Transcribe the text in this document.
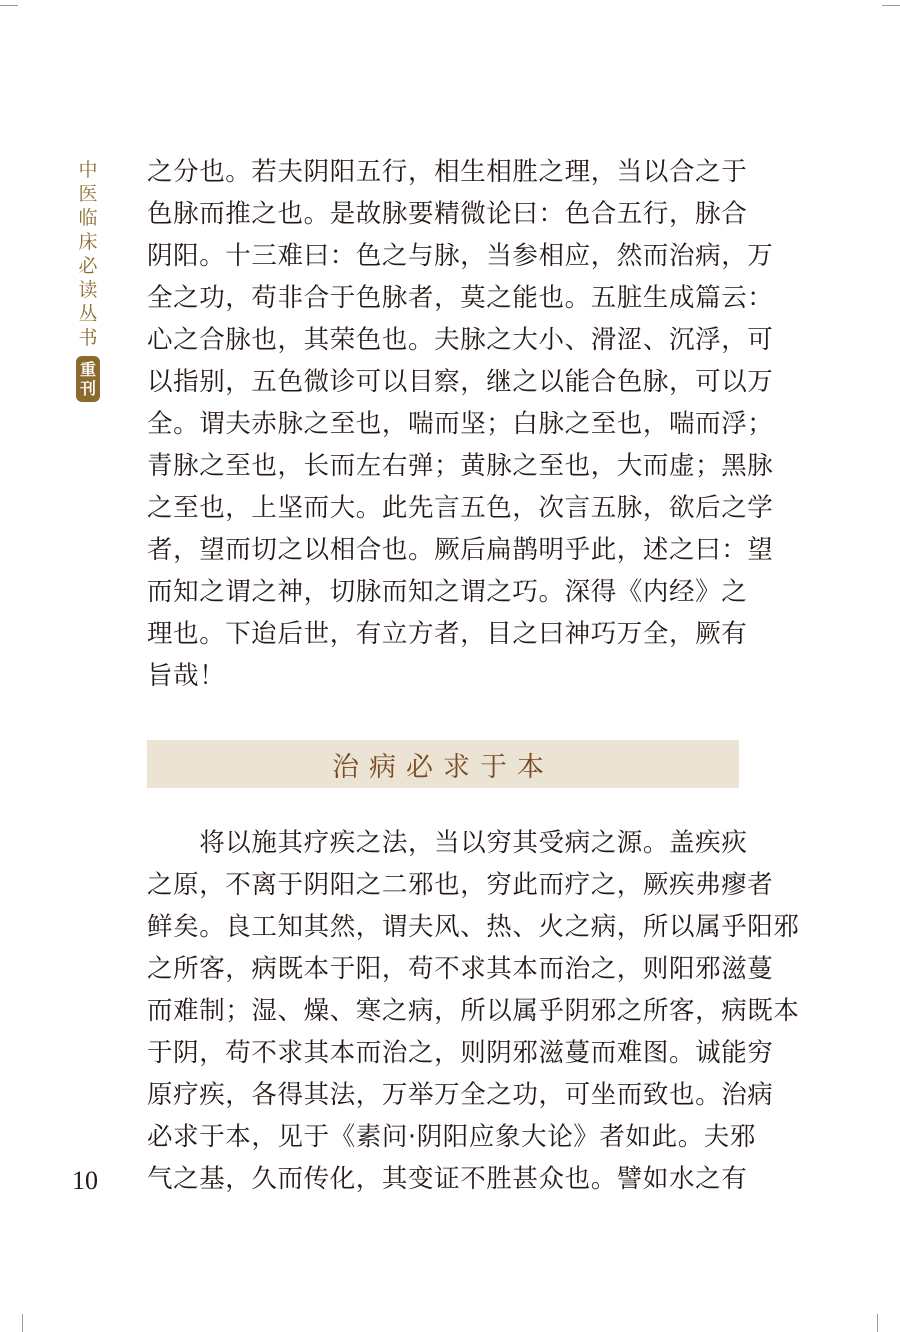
中
医
临
床
必
读
丛
书
重
刊
之分也。若夫阴阳五行，相生相胜之理，当以合之于
色脉而推之也。是故脉要精微论曰：色合五行，脉合
阴阳。十三难曰：色之与脉，当参相应，然而治病，万
全之功，苟非合于色脉者，莫之能也。五脏生成篇云：
心之合脉也，其荣色也。夫脉之大小、滑涩、沉浮，可
以指别，五色微诊可以目察，继之以能合色脉，可以万
全。谓夫赤脉之至也，喘而坚；白脉之至也，喘而浮；
青脉之至也，长而左右弹；黄脉之至也，大而虚；黑脉
之至也，上坚而大。此先言五色，次言五脉，欲后之学
者，望而切之以相合也。厥后扁鹊明乎此，述之曰：望
而知之谓之神，切脉而知之谓之巧。深得《内经》之
理也。下迨后世，有立方者，目之曰神巧万全，厥有
旨哉！
治病必求于本
　　将以施其疗疾之法，当以穷其受病之源。盖疾疢
之原，不离于阴阳之二邪也，穷此而疗之，厥疾弗瘳者
鲜矣。良工知其然，谓夫风、热、火之病，所以属乎阳邪
之所客，病既本于阳，苟不求其本而治之，则阳邪滋蔓
而难制；湿、燥、寒之病，所以属乎阴邪之所客，病既本
于阴，苟不求其本而治之，则阴邪滋蔓而难图。诚能穷
原疗疾，各得其法，万举万全之功，可坐而致也。治病
必求于本，见于《素问·阴阳应象大论》者如此。夫邪
气之基，久而传化，其变证不胜甚众也。譬如水之有
10
